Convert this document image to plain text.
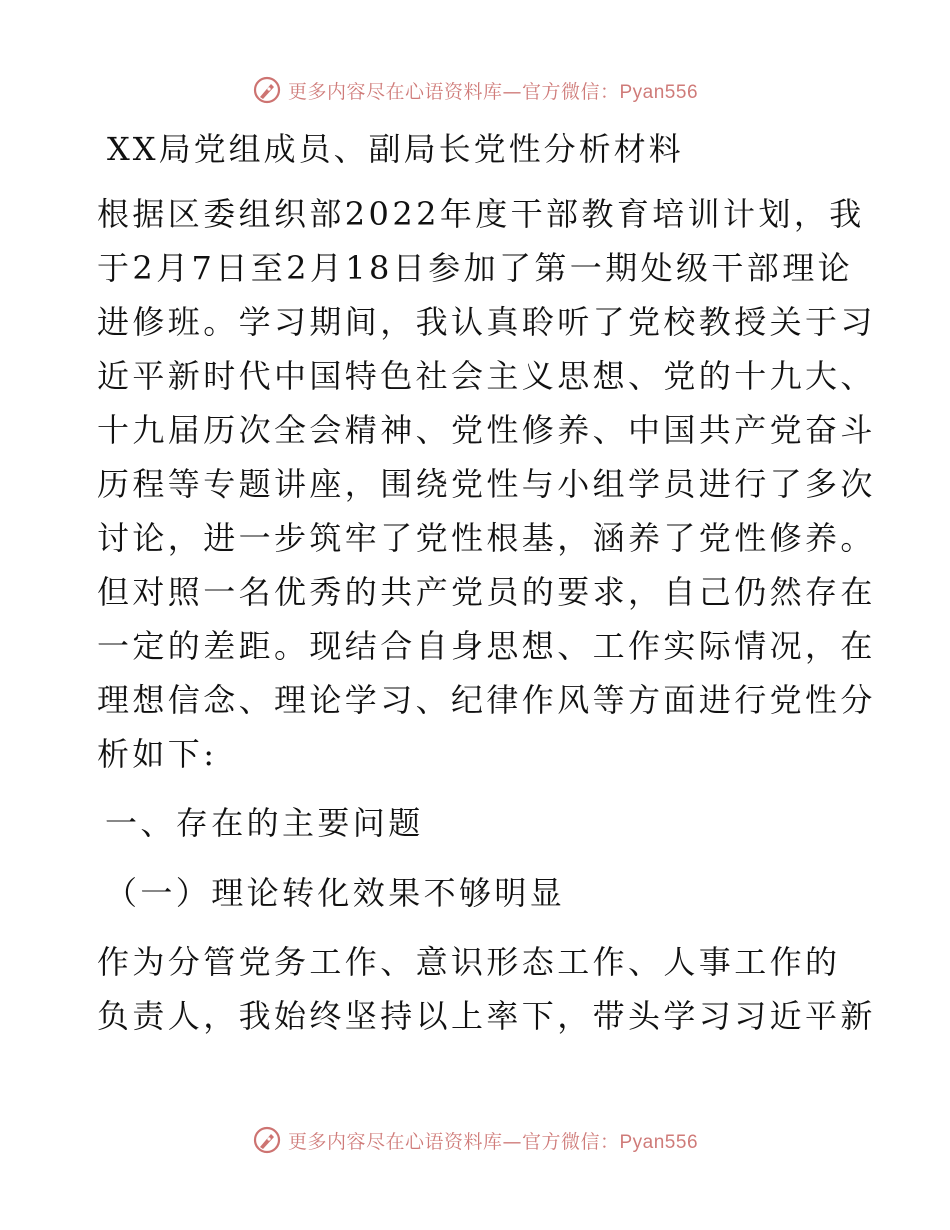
更多内容尽在心语资料库—官方微信：Pyan556
XX局党组成员、副局长党性分析材料

根据区委组织部2022年度干部教育培训计划，我

于2月7日至2月18日参加了第一期处级干部理论

进修班。学习期间，我认真聆听了党校教授关于习

近平新时代中国特色社会主义思想、党的十九大、

十九届历次全会精神、党性修养、中国共产党奋斗

历程等专题讲座，围绕党性与小组学员进行了多次

讨论，进一步筑牢了党性根基，涵养了党性修养。

但对照一名优秀的共产党员的要求，自己仍然存在

一定的差距。现结合自身思想、工作实际情况，在

理想信念、理论学习、纪律作风等方面进行党性分

析如下:

一、存在的主要问题
（一）理论转化效果不够明显

作为分管党务工作、意识形态工作、人事工作的

负责人，我始终坚持以上率下，带头学习习近平新

更多内容尽在心语资料库—官方微信：Pyan556
